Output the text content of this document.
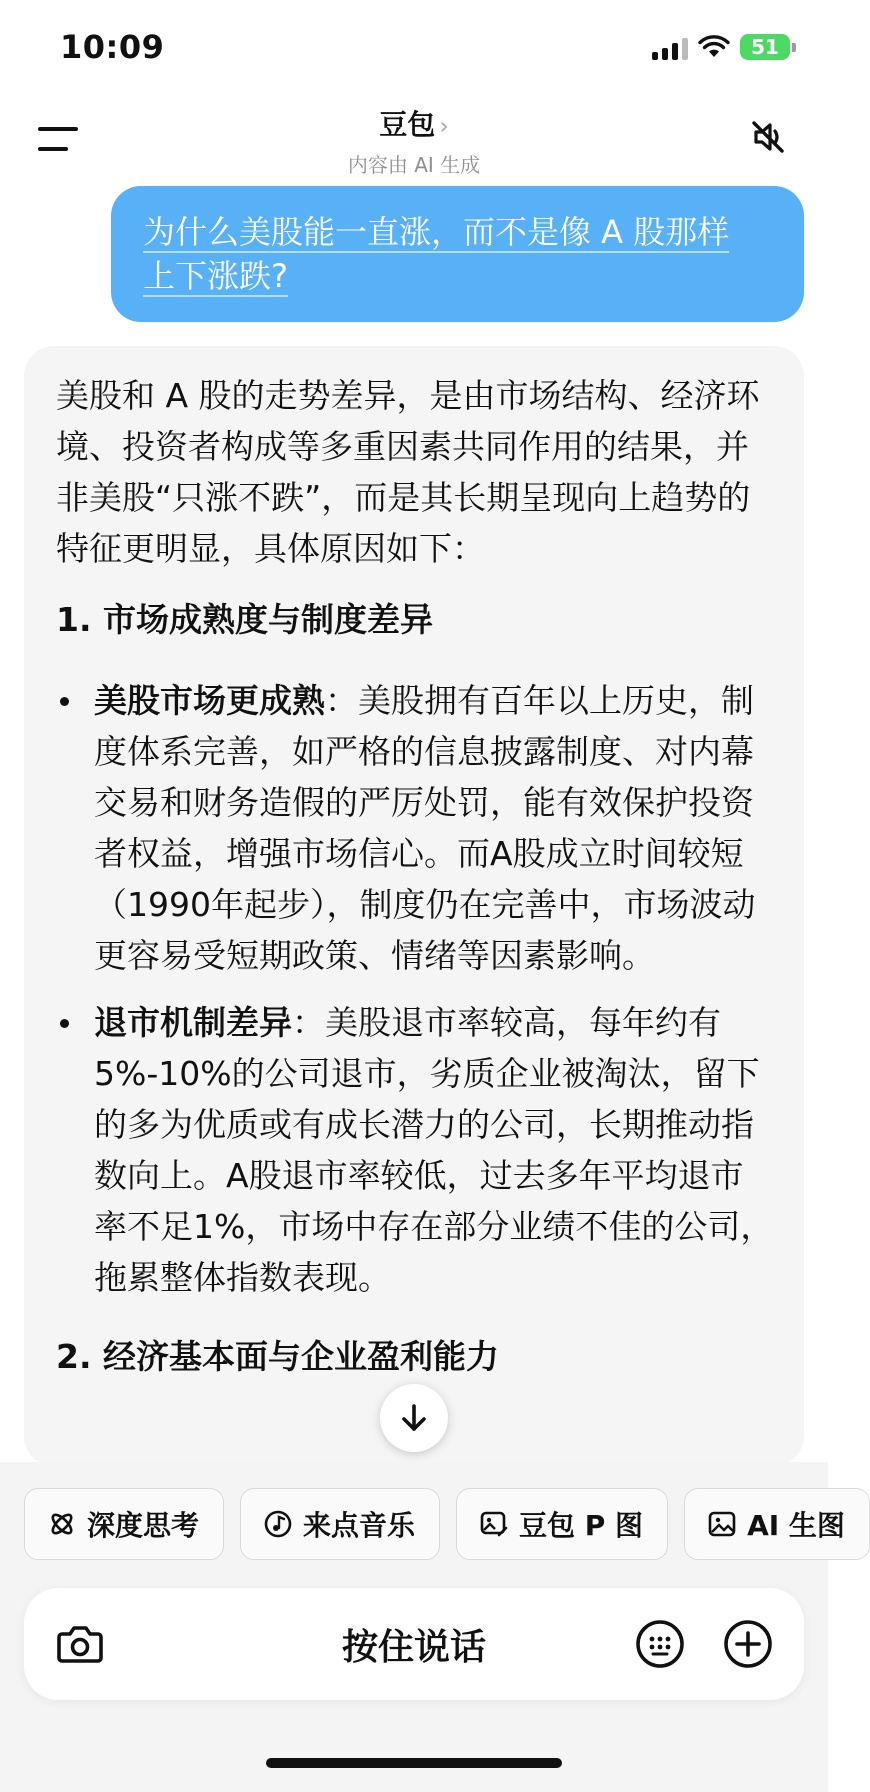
10:09	51
豆包 ›
内容由 AI 生成

为什么美股能一直涨，而不是像 A 股那样
上下涨跌?

美股和 A 股的走势差异，是由市场结构、经济环境、投资者构成等多重因素共同作用的结果，并非美股“只涨不跌”，而是其长期呈现向上趋势的特征更明显，具体原因如下：

1. 市场成熟度与制度差异
美股市场更成熟：美股拥有百年以上历史，制度体系完善，如严格的信息披露制度、对内幕交易和财务造假的严厉处罚，能有效保护投资者权益，增强市场信心。而A股成立时间较短（1990年起步），制度仍在完善中，市场波动更容易受短期政策、情绪等因素影响。
退市机制差异：美股退市率较高，每年约有5%-10%的公司退市，劣质企业被淘汰，留下的多为优质或有成长潜力的公司，长期推动指数向上。A股退市率较低，过去多年平均退市率不足1%，市场中存在部分业绩不佳的公司，拖累整体指数表现。
2. 经济基本面与企业盈利能力
深度思考	来点音乐	豆包 P 图	AI 生图
按住说话
